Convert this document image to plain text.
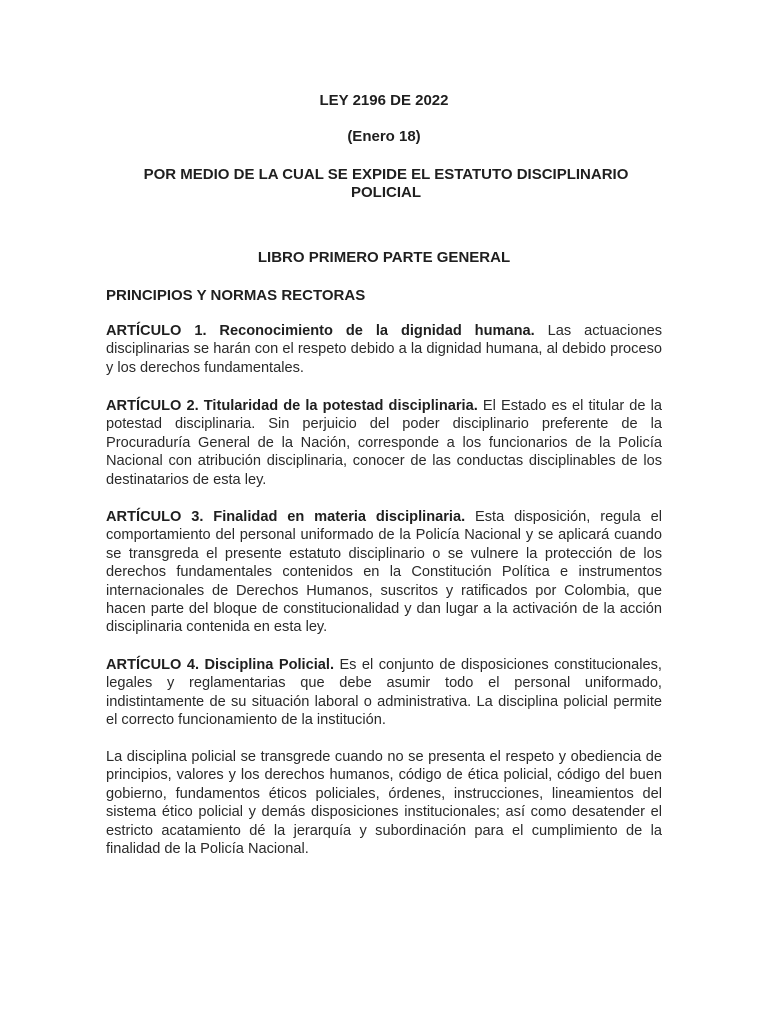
LEY 2196 DE 2022
(Enero 18)
POR MEDIO DE LA CUAL SE EXPIDE EL ESTATUTO DISCIPLINARIO POLICIAL
LIBRO PRIMERO PARTE GENERAL
PRINCIPIOS Y NORMAS RECTORAS
ARTÍCULO 1. Reconocimiento de la dignidad humana. Las actuaciones disciplinarias se harán con el respeto debido a la dignidad humana, al debido proceso y los derechos fundamentales.
ARTÍCULO 2. Titularidad de la potestad disciplinaria. El Estado es el titular de la potestad disciplinaria. Sin perjuicio del poder disciplinario preferente de la Procuraduría General de la Nación, corresponde a los funcionarios de la Policía Nacional con atribución disciplinaria, conocer de las conductas disciplinables de los destinatarios de esta ley.
ARTÍCULO 3. Finalidad en materia disciplinaria. Esta disposición, regula el comportamiento del personal uniformado de la Policía Nacional y se aplicará cuando se transgreda el presente estatuto disciplinario o se vulnere la protección de los derechos fundamentales contenidos en la Constitución Política e instrumentos internacionales de Derechos Humanos, suscritos y ratificados por Colombia, que hacen parte del bloque de constitucionalidad y dan lugar a la activación de la acción disciplinaria contenida en esta ley.
ARTÍCULO 4. Disciplina Policial. Es el conjunto de disposiciones constitucionales, legales y reglamentarias que debe asumir todo el personal uniformado, indistintamente de su situación laboral o administrativa. La disciplina policial permite el correcto funcionamiento de la institución.
La disciplina policial se transgrede cuando no se presenta el respeto y obediencia de principios, valores y los derechos humanos, código de ética policial, código del buen gobierno, fundamentos éticos policiales, órdenes, instrucciones, lineamientos del sistema ético policial y demás disposiciones institucionales; así como desatender el estricto acatamiento dé la jerarquía y subordinación para el cumplimiento de la finalidad de la Policía Nacional.
